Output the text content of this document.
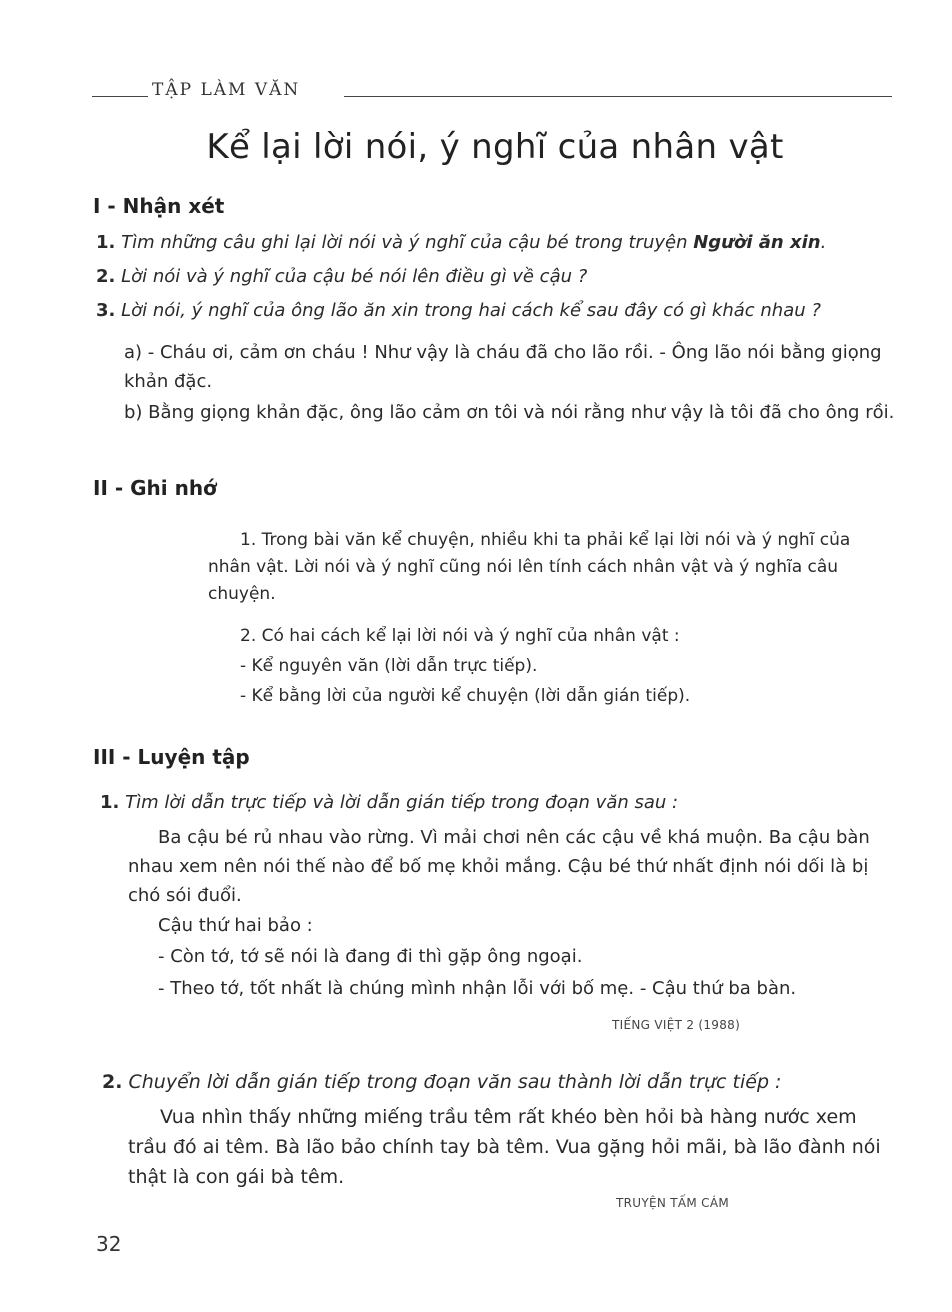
TẬP LÀM VĂN
Kể lại lời nói, ý nghĩ của nhân vật
I - Nhận xét
1. Tìm những câu ghi lại lời nói và ý nghĩ của cậu bé trong truyện Người ăn xin.
2. Lời nói và ý nghĩ của cậu bé nói lên điều gì về cậu ?
3. Lời nói, ý nghĩ của ông lão ăn xin trong hai cách kể sau đây có gì khác nhau ?
a) - Cháu ơi, cảm ơn cháu ! Như vậy là cháu đã cho lão rồi. - Ông lão nói bằng giọng khản đặc.
b) Bằng giọng khản đặc, ông lão cảm ơn tôi và nói rằng như vậy là tôi đã cho ông rồi.
II - Ghi nhớ
1. Trong bài văn kể chuyện, nhiều khi ta phải kể lại lời nói và ý nghĩ của nhân vật. Lời nói và ý nghĩ cũng nói lên tính cách nhân vật và ý nghĩa câu chuyện.
2. Có hai cách kể lại lời nói và ý nghĩ của nhân vật :
- Kể nguyên văn (lời dẫn trực tiếp).
- Kể bằng lời của người kể chuyện (lời dẫn gián tiếp).
III - Luyện tập
1. Tìm lời dẫn trực tiếp và lời dẫn gián tiếp trong đoạn văn sau :
Ba cậu bé rủ nhau vào rừng. Vì mải chơi nên các cậu về khá muộn. Ba cậu bàn nhau xem nên nói thế nào để bố mẹ khỏi mắng. Cậu bé thứ nhất định nói dối là bị chó sói đuổi.
Cậu thứ hai bảo :
- Còn tớ, tớ sẽ nói là đang đi thì gặp ông ngoại.
- Theo tớ, tốt nhất là chúng mình nhận lỗi với bố mẹ. - Cậu thứ ba bàn.
TIẾNG VIỆT 2 (1988)
2. Chuyển lời dẫn gián tiếp trong đoạn văn sau thành lời dẫn trực tiếp :
Vua nhìn thấy những miếng trầu têm rất khéo bèn hỏi bà hàng nước xem trầu đó ai têm. Bà lão bảo chính tay bà têm. Vua gặng hỏi mãi, bà lão đành nói thật là con gái bà têm.
TRUYỆN TẤM CÁM
32
